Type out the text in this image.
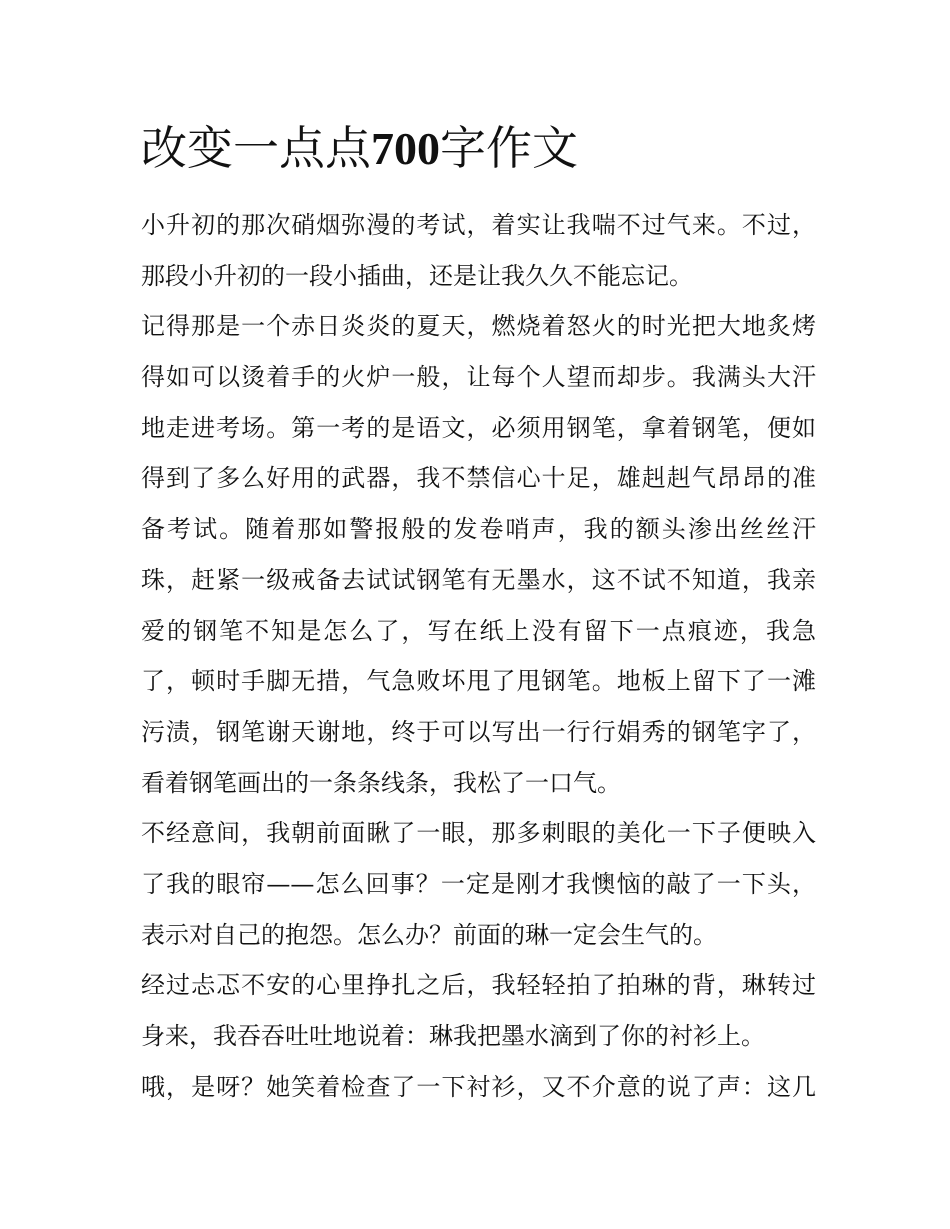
改变一点点700字作文
小升初的那次硝烟弥漫的考试，着实让我喘不过气来。不过，
那段小升初的一段小插曲，还是让我久久不能忘记。
记得那是一个赤日炎炎的夏天，燃烧着怒火的时光把大地炙烤
得如可以烫着手的火炉一般，让每个人望而却步。我满头大汗
地走进考场。第一考的是语文，必须用钢笔，拿着钢笔，便如
得到了多么好用的武器，我不禁信心十足，雄赳赳气昂昂的准
备考试。随着那如警报般的发卷哨声，我的额头渗出丝丝汗
珠，赶紧一级戒备去试试钢笔有无墨水，这不试不知道，我亲
爱的钢笔不知是怎么了，写在纸上没有留下一点痕迹，我急
了，顿时手脚无措，气急败坏甩了甩钢笔。地板上留下了一滩
污渍，钢笔谢天谢地，终于可以写出一行行娟秀的钢笔字了，
看着钢笔画出的一条条线条，我松了一口气。
不经意间，我朝前面瞅了一眼，那多刺眼的美化一下子便映入
了我的眼帘——怎么回事？一定是刚才我懊恼的敲了一下头，
表示对自己的抱怨。怎么办？前面的琳一定会生气的。
经过忐忑不安的心里挣扎之后，我轻轻拍了拍琳的背，琳转过
身来，我吞吞吐吐地说着：琳我把墨水滴到了你的衬衫上。
哦，是呀？她笑着检查了一下衬衫，又不介意的说了声：这几
